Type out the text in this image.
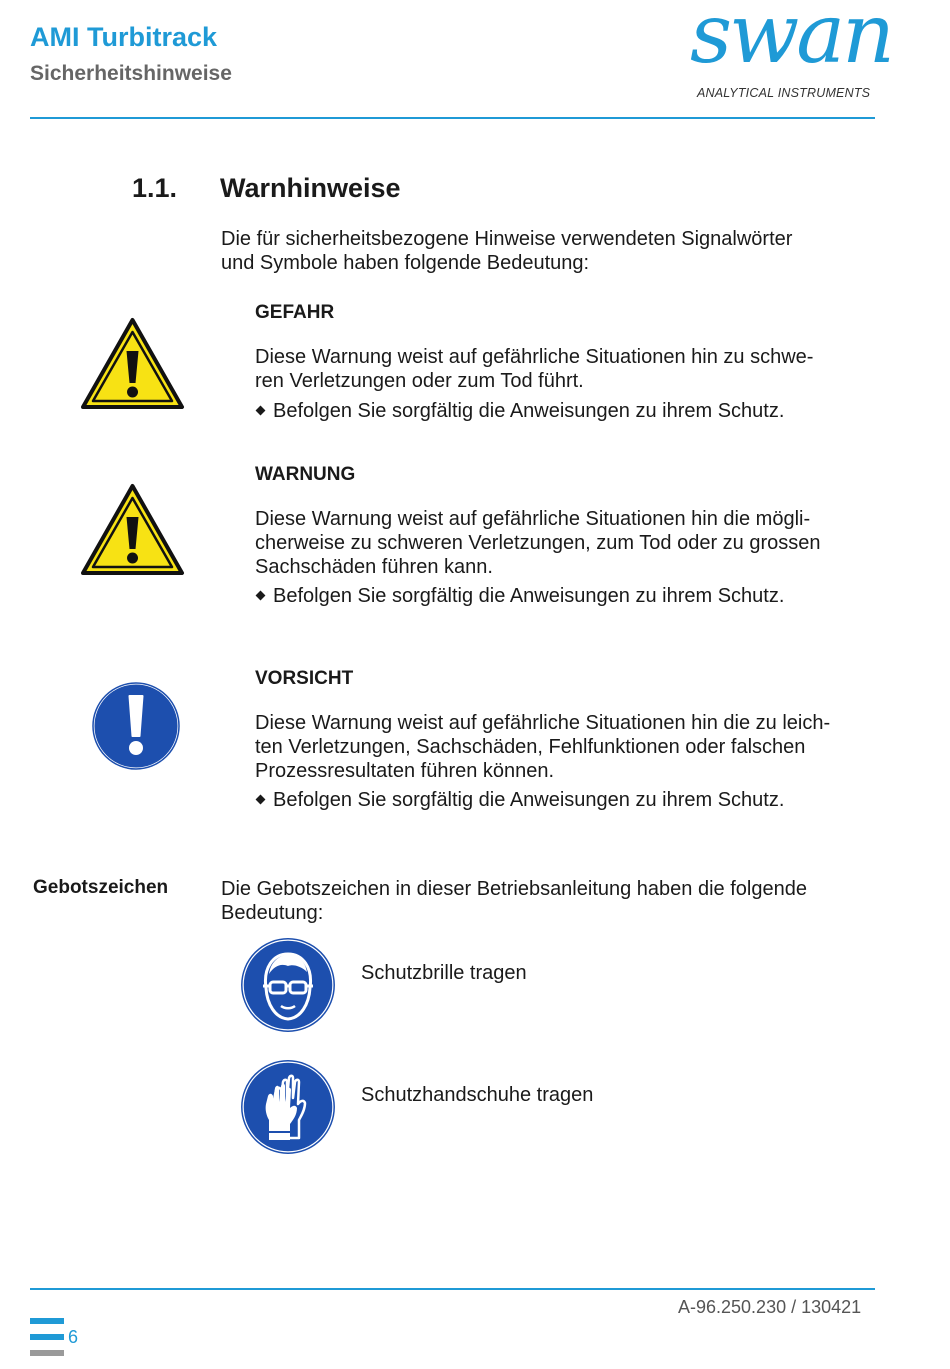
AMI Turbitrack
Sicherheitshinweise	swan
ANALYTICAL INSTRUMENTS
1.1. Warnhinweise
Die für sicherheitsbezogene Hinweise verwendeten Signalwörter
und Symbole haben folgende Bedeutung:
GEFAHR
Diese Warnung weist auf gefährliche Situationen hin zu schwe-
ren Verletzungen oder zum Tod führt.
Befolgen Sie sorgfältig die Anweisungen zu ihrem Schutz.
WARNUNG
Diese Warnung weist auf gefährliche Situationen hin die mögli-
cherweise zu schweren Verletzungen, zum Tod oder zu grossen
Sachschäden führen kann.
Befolgen Sie sorgfältig die Anweisungen zu ihrem Schutz.
VORSICHT
Diese Warnung weist auf gefährliche Situationen hin die zu leich-
ten Verletzungen, Sachschäden, Fehlfunktionen oder falschen
Prozessresultaten führen können.
Befolgen Sie sorgfältig die Anweisungen zu ihrem Schutz.
Gebotszeichen	Die Gebotszeichen in dieser Betriebsanleitung haben die folgende
Bedeutung:
Schutzbrille tragen
Schutzhandschuhe tragen
A-96.250.230 / 130421
6
